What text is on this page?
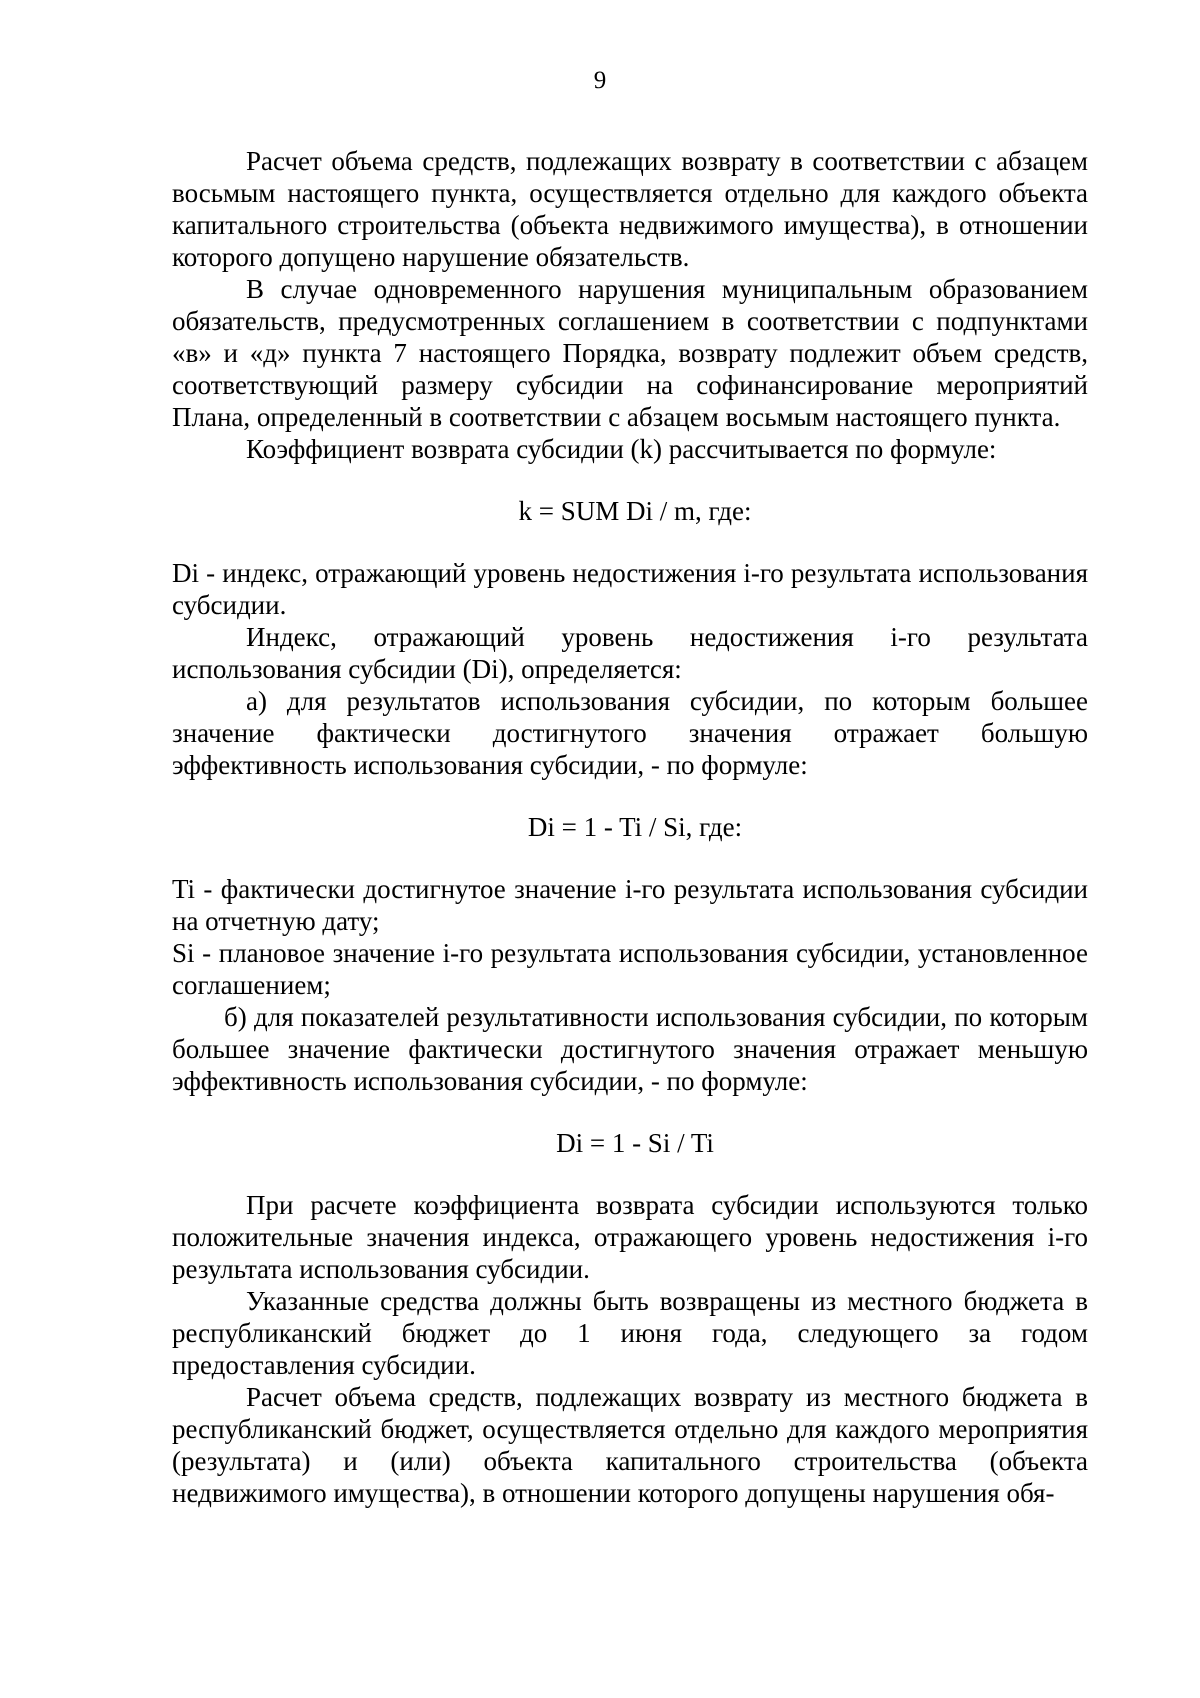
9

Расчет объема средств, подлежащих возврату в соответствии с абзацем восьмым настоящего пункта, осуществляется отдельно для каждого объекта капитального строительства (объекта недвижимого имущества), в отношении которого допущено нарушение обязательств.

В случае одновременного нарушения муниципальным образованием обязательств, предусмотренных соглашением в соответствии с подпунктами «в» и «д» пункта 7 настоящего Порядка, возврату подлежит объем средств, соответствующий размеру субсидии на софинансирование мероприятий Плана, определенный в соответствии с абзацем восьмым настоящего пункта.

Коэффициент возврата субсидии (k) рассчитывается по формуле:

k = SUM Di / m, где:

Di - индекс, отражающий уровень недостижения i-го результата использования субсидии.

Индекс, отражающий уровень недостижения i-го результата использования субсидии (Di), определяется:

а) для результатов использования субсидии, по которым большее значение фактически достигнутого значения отражает большую эффективность использования субсидии, - по формуле:

Di = 1 - Ti / Si, где:

Ti - фактически достигнутое значение i-го результата использования субсидии на отчетную дату;

Si - плановое значение i-го результата использования субсидии, установленное соглашением;

б) для показателей результативности использования субсидии, по которым большее значение фактически достигнутого значения отражает меньшую эффективность использования субсидии, - по формуле:

Di = 1 - Si / Ti

При расчете коэффициента возврата субсидии используются только положительные значения индекса, отражающего уровень недостижения i-го результата использования субсидии.

Указанные средства должны быть возвращены из местного бюджета в республиканский бюджет до 1 июня года, следующего за годом предоставления субсидии.

Расчет объема средств, подлежащих возврату из местного бюджета в республиканский бюджет, осуществляется отдельно для каждого мероприятия (результата) и (или) объекта капитального строительства (объекта недвижимого имущества), в отношении которого допущены нарушения обя-
